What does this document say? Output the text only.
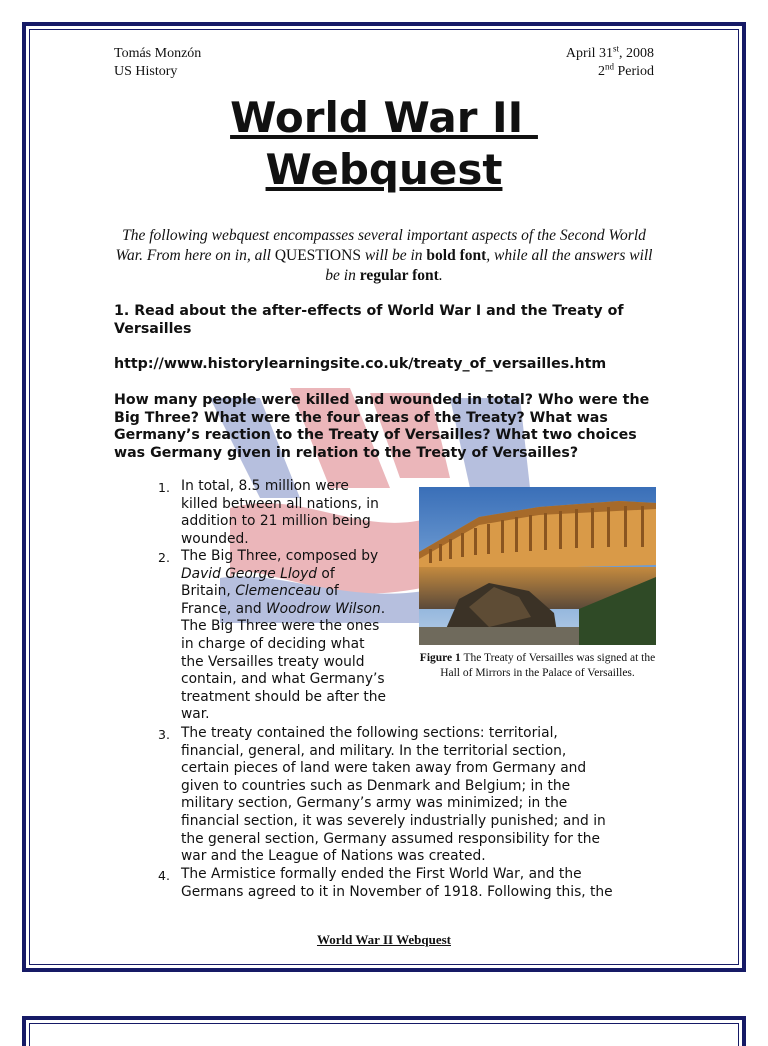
Tomás Monzón
US History
April 31st, 2008
2nd Period
World War II
Webquest
The following webquest encompasses several important aspects of the Second World War. From here on in, all QUESTIONS will be in bold font, while all the answers will be in regular font.
1. Read about the after-effects of World War I and the Treaty of Versailles
http://www.historylearningsite.co.uk/treaty_of_versailles.htm
How many people were killed and wounded in total? Who were the Big Three? What were the four areas of the Treaty? What was Germany’s reaction to the Treaty of Versailles? What two choices was Germany given in relation to the Treaty of Versailles?
1. In total, 8.5 million were
killed between all nations, in
addition to 21 million being
wounded.
2. The Big Three, composed by
David George Lloyd of
Britain, Clemenceau of
France, and Woodrow Wilson.
The Big Three were the ones
in charge of deciding what
the Versailles treaty would
contain, and what Germany’s
treatment should be after the
war.
3. The treaty contained the following sections: territorial,
financial, general, and military. In the territorial section,
certain pieces of land were taken away from Germany and
given to countries such as Denmark and Belgium; in the
military section, Germany’s army was minimized; in the
financial section, it was severely industrially punished; and in
the general section, Germany assumed responsibility for the
war and the League of Nations was created.
4. The Armistice formally ended the First World War, and the
Germans agreed to it in November of 1918. Following this, the
Figure 1 The Treaty of Versailles was signed at the Hall of Mirrors in the Palace of Versailles.
World War II Webquest
